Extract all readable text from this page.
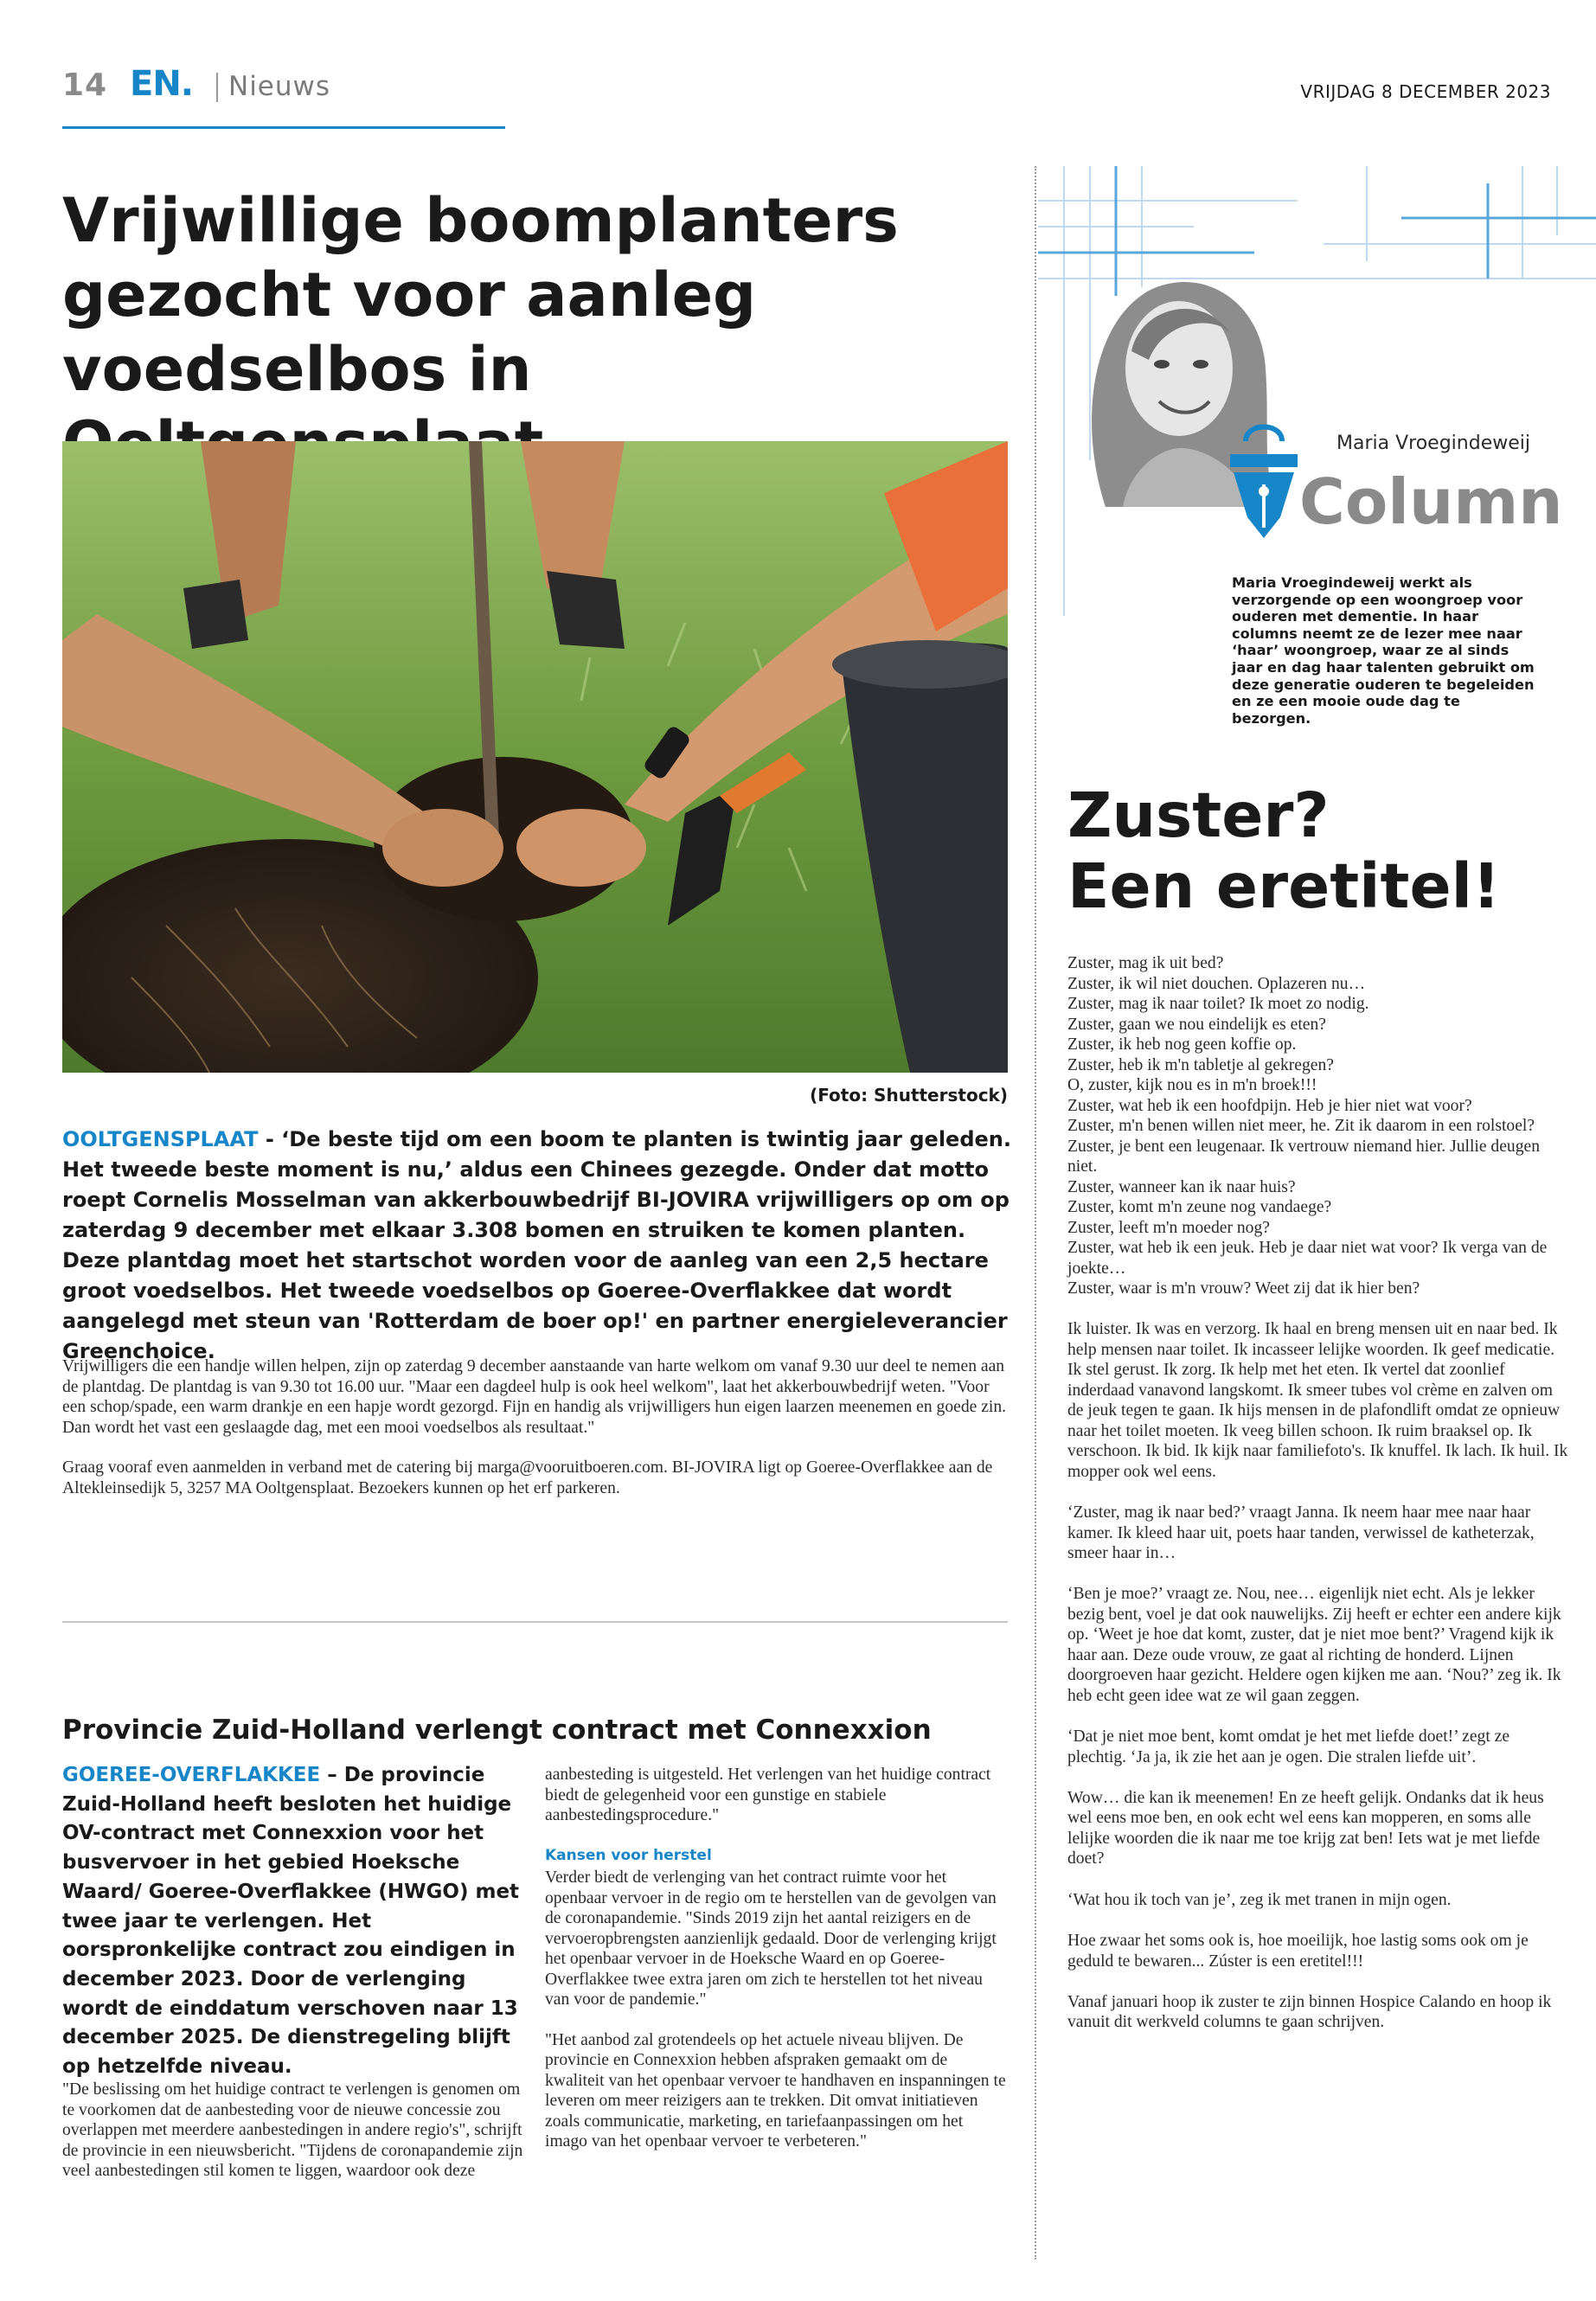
14 EN. Nieuws	VRIJDAG 8 DECEMBER 2023
Vrijwillige boomplanters
gezocht voor aanleg
voedselbos in
(Foto: Shutterstock)
OOLTGENSPLAAT - ‘De beste tijd om een boom te planten is twintig jaar geleden. Het tweede beste moment is nu,’ aldus een Chinees gezegde. Onder dat motto roept Cornelis Mosselman van akkerbouwbedrijf BI-JOVIRA vrijwilligers op om op zaterdag 9 december met elkaar 3.308 bomen en struiken te komen planten. Deze plantdag moet het startschot worden voor de aanleg van een 2,5 hectare groot voedselbos. Het tweede voedselbos op Goeree-Overflakkee dat wordt aangelegd met steun van 'Rotterdam de boer op!' en partner energieleverancier Greenchoice.

Vrijwilligers die een handje willen helpen, zijn op zaterdag 9 december aanstaande van harte welkom om vanaf 9.30 uur deel te nemen aan de plantdag. De plantdag is van 9.30 tot 16.00 uur. "Maar een dagdeel hulp is ook heel welkom", laat het akkerbouwbedrijf weten. "Voor een schop/spade, een warm drankje en een hapje wordt gezorgd. Fijn en handig als vrijwilligers hun eigen laarzen meenemen en goede zin. Dan wordt het vast een geslaagde dag, met een mooi voedselbos als resultaat."

Graag vooraf even aanmelden in verband met de catering bij marga@vooruitboeren.com. BI-JOVIRA ligt op Goeree-Overflakkee aan de Altekleinsedijk 5, 3257 MA Ooltgensplaat. Bezoekers kunnen op het erf parkeren.

Provincie Zuid-Holland verlengt contract met Connexxion
GOEREE-OVERFLAKKEE – De provincie Zuid-Holland heeft besloten het huidige OV-contract met Connexxion voor het busvervoer in het gebied Hoeksche Waard/ Goeree-Overflakkee (HWGO) met twee jaar te verlengen. Het oorspronkelijke contract zou eindigen in december 2023. Door de verlenging wordt de einddatum verschoven naar 13 december 2025. De dienstregeling blijft op hetzelfde niveau.

"De beslissing om het huidige contract te verlengen is genomen om te voorkomen dat de aanbesteding voor de nieuwe concessie zou overlappen met meerdere aanbestedingen in andere regio's", schrijft de provincie in een nieuwsbericht. "Tijdens de coronapandemie zijn veel aanbestedingen stil komen te liggen, waardoor ook deze

aanbesteding is uitgesteld. Het verlengen van het huidige contract biedt de gelegenheid voor een gunstige en stabiele aanbestedingsprocedure."

Kansen voor herstel

Verder biedt de verlenging van het contract ruimte voor het openbaar vervoer in de regio om te herstellen van de gevolgen van de coronapandemie. "Sinds 2019 zijn het aantal reizigers en de vervoeropbrengsten aanzienlijk gedaald. Door de verlenging krijgt het openbaar vervoer in de Hoeksche Waard en op Goeree-Overflakkee twee extra jaren om zich te herstellen tot het niveau van voor de pandemie."

"Het aanbod zal grotendeels op het actuele niveau blijven. De provincie en Connexxion hebben afspraken gemaakt om de kwaliteit van het openbaar vervoer te handhaven en inspanningen te leveren om meer reizigers aan te trekken. Dit omvat initiatieven zoals communicatie, marketing, en tariefaanpassingen om het imago van het openbaar vervoer te verbeteren."

Maria Vroegindeweij
Column
Maria Vroegindeweij werkt als verzorgende op een woongroep voor ouderen met dementie. In haar columns neemt ze de lezer mee naar ‘haar’ woongroep, waar ze al sinds jaar en dag haar talenten gebruikt om deze generatie ouderen te begeleiden en ze een mooie oude dag te bezorgen.
Zuster?
Een eretitel!

Zuster, mag ik uit bed?
Zuster, ik wil niet douchen. Oplazeren nu…
Zuster, mag ik naar toilet? Ik moet zo nodig.
Zuster, gaan we nou eindelijk es eten?
Zuster, ik heb nog geen koffie op.
Zuster, heb ik m'n tabletje al gekregen?
O, zuster, kijk nou es in m'n broek!!!
Zuster, wat heb ik een hoofdpijn. Heb je hier niet wat voor?
Zuster, m'n benen willen niet meer, he. Zit ik daarom in een rolstoel?
Zuster, je bent een leugenaar. Ik vertrouw niemand hier. Jullie deugen niet.
Zuster, wanneer kan ik naar huis?
Zuster, komt m'n zeune nog vandaege?
Zuster, leeft m'n moeder nog?
Zuster, wat heb ik een jeuk. Heb je daar niet wat voor? Ik verga van de joekte…
Zuster, waar is m'n vrouw? Weet zij dat ik hier ben?

Ik luister. Ik was en verzorg. Ik haal en breng mensen uit en naar bed. Ik help mensen naar toilet. Ik incasseer lelijke woorden. Ik geef medicatie. Ik stel gerust. Ik zorg. Ik help met het eten. Ik vertel dat zoonlief inderdaad vanavond langskomt. Ik smeer tubes vol crème en zalven om de jeuk tegen te gaan. Ik hijs mensen in de plafondlift omdat ze opnieuw naar het toilet moeten. Ik veeg billen schoon. Ik ruim braaksel op. Ik verschoon. Ik bid. Ik kijk naar familiefoto's. Ik knuffel. Ik lach. Ik huil. Ik mopper ook wel eens.

‘Zuster, mag ik naar bed?’ vraagt Janna. Ik neem haar mee naar haar kamer. Ik kleed haar uit, poets haar tanden, verwissel de katheterzak, smeer haar in…

‘Ben je moe?’ vraagt ze. Nou, nee… eigenlijk niet echt. Als je lekker bezig bent, voel je dat ook nauwelijks. Zij heeft er echter een andere kijk op. ‘Weet je hoe dat komt, zuster, dat je niet moe bent?’ Vragend kijk ik haar aan. Deze oude vrouw, ze gaat al richting de honderd. Lijnen doorgroeven haar gezicht. Heldere ogen kijken me aan. ‘Nou?’ zeg ik. Ik heb echt geen idee wat ze wil gaan zeggen.

‘Dat je niet moe bent, komt omdat je het met liefde doet!’ zegt ze plechtig. ‘Ja ja, ik zie het aan je ogen. Die stralen liefde uit’.

Wow… die kan ik meenemen! En ze heeft gelijk. Ondanks dat ik heus wel eens moe ben, en ook echt wel eens kan mopperen, en soms alle lelijke woorden die ik naar me toe krijg zat ben! Iets wat je met liefde doet?

‘Wat hou ik toch van je’, zeg ik met tranen in mijn ogen.

Hoe zwaar het soms ook is, hoe moeilijk, hoe lastig soms ook om je geduld te bewaren... Zúster is een eretitel!!!

Vanaf januari hoop ik zuster te zijn binnen Hospice Calando en hoop ik vanuit dit werkveld columns te gaan schrijven.
